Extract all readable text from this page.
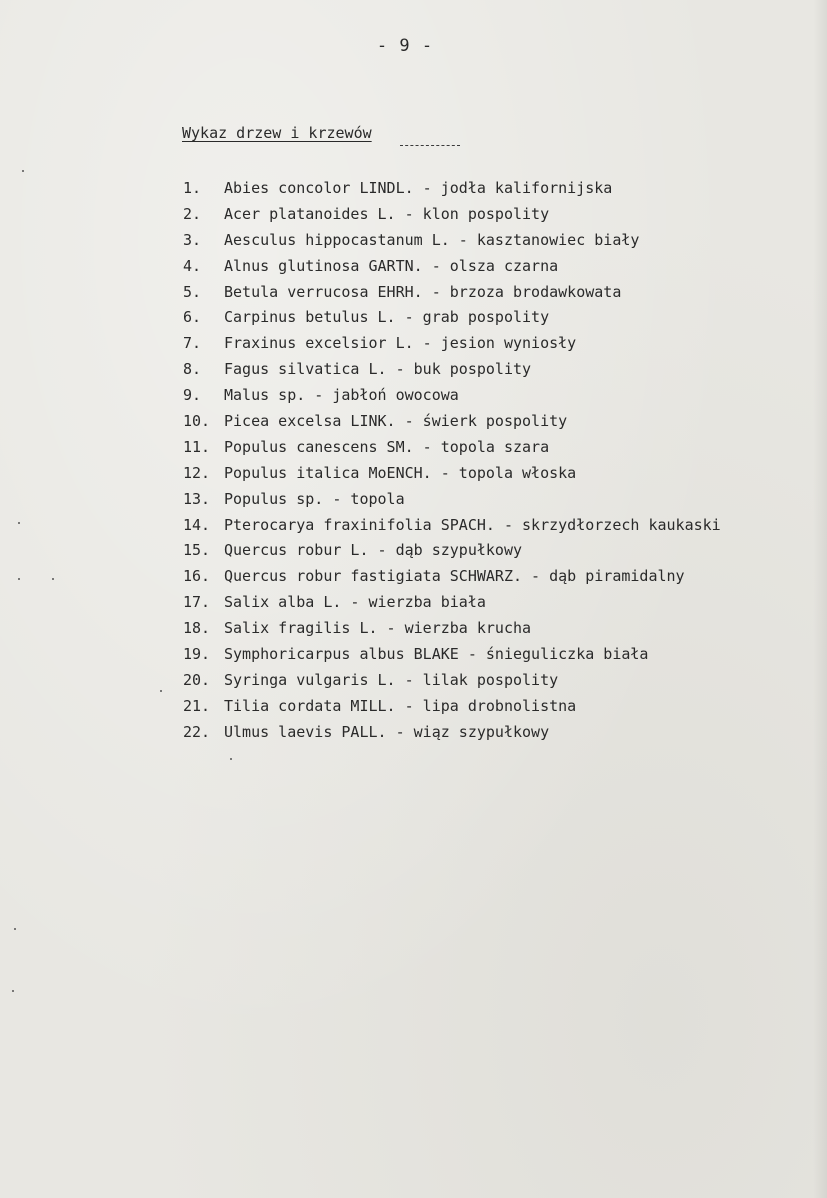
- 9 -
Wykaz drzew i krzewów
1. Abies concolor LINDL. - jodła kalifornijska
2. Acer platanoides L. - klon pospolity
3. Aesculus hippocastanum L. - kasztanowiec biały
4. Alnus glutinosa GARTN. - olsza czarna
5. Betula verrucosa EHRH. - brzoza brodawkowata
6. Carpinus betulus L. - grab pospolity
7. Fraxinus excelsior L. - jesion wyniosły
8. Fagus silvatica L. - buk pospolity
9. Malus sp. - jabłoń owocowa
10. Picea excelsa LINK. - świerk pospolity
11. Populus canescens SM. - topola szara
12. Populus italica MoENCH. - topola włoska
13. Populus sp. - topola
14. Pterocarya fraxinifolia SPACH. - skrzydłorzech kaukaski
15. Quercus robur L. - dąb szypułkowy
16. Quercus robur fastigiata SCHWARZ. - dąb piramidalny
17. Salix alba L. - wierzba biała
18. Salix fragilis L. - wierzba krucha
19. Symphoricarpus albus BLAKE - śnieguliczka biała
20. Syringa vulgaris L. - lilak pospolity
21. Tilia cordata MILL. - lipa drobnolistna
22. Ulmus laevis PALL. - wiąz szypułkowy
